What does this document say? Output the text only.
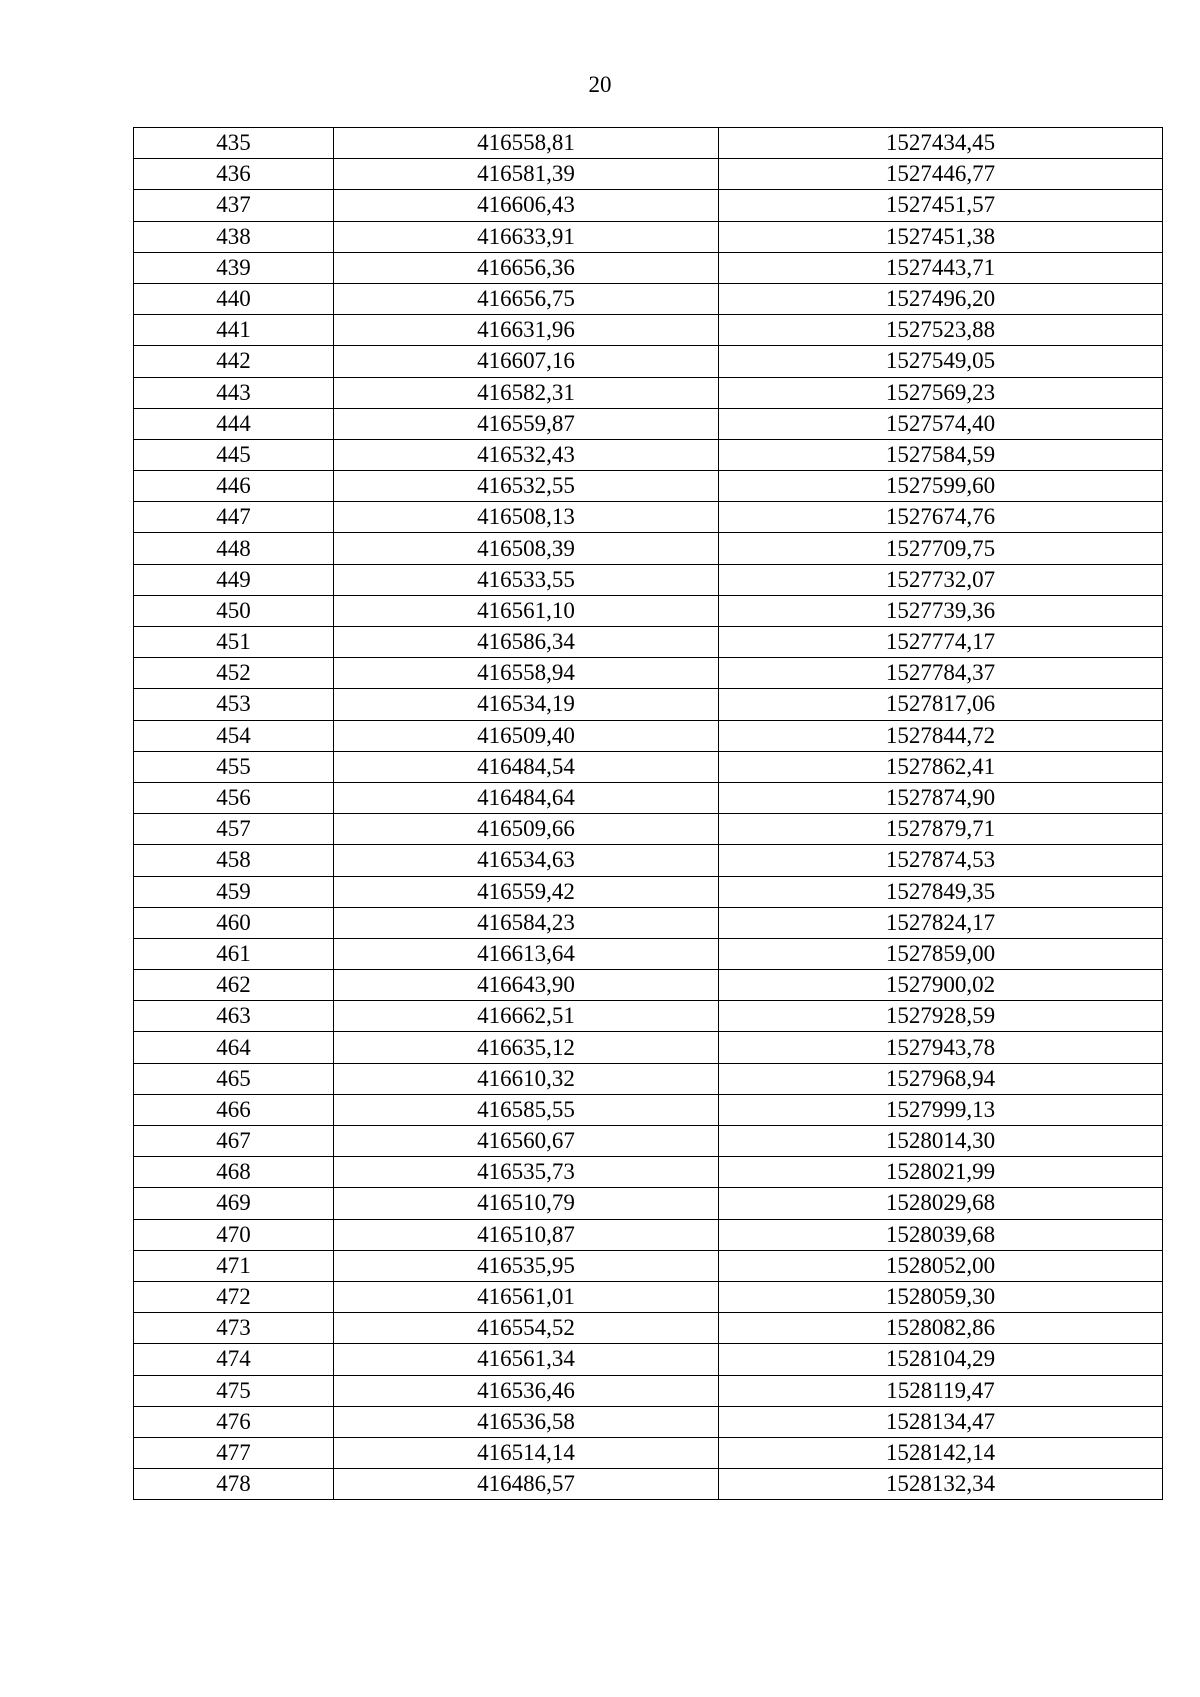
20
435	416558,81	1527434,45
436	416581,39	1527446,77
437	416606,43	1527451,57
438	416633,91	1527451,38
439	416656,36	1527443,71
440	416656,75	1527496,20
441	416631,96	1527523,88
442	416607,16	1527549,05
443	416582,31	1527569,23
444	416559,87	1527574,40
445	416532,43	1527584,59
446	416532,55	1527599,60
447	416508,13	1527674,76
448	416508,39	1527709,75
449	416533,55	1527732,07
450	416561,10	1527739,36
451	416586,34	1527774,17
452	416558,94	1527784,37
453	416534,19	1527817,06
454	416509,40	1527844,72
455	416484,54	1527862,41
456	416484,64	1527874,90
457	416509,66	1527879,71
458	416534,63	1527874,53
459	416559,42	1527849,35
460	416584,23	1527824,17
461	416613,64	1527859,00
462	416643,90	1527900,02
463	416662,51	1527928,59
464	416635,12	1527943,78
465	416610,32	1527968,94
466	416585,55	1527999,13
467	416560,67	1528014,30
468	416535,73	1528021,99
469	416510,79	1528029,68
470	416510,87	1528039,68
471	416535,95	1528052,00
472	416561,01	1528059,30
473	416554,52	1528082,86
474	416561,34	1528104,29
475	416536,46	1528119,47
476	416536,58	1528134,47
477	416514,14	1528142,14
478	416486,57	1528132,34
